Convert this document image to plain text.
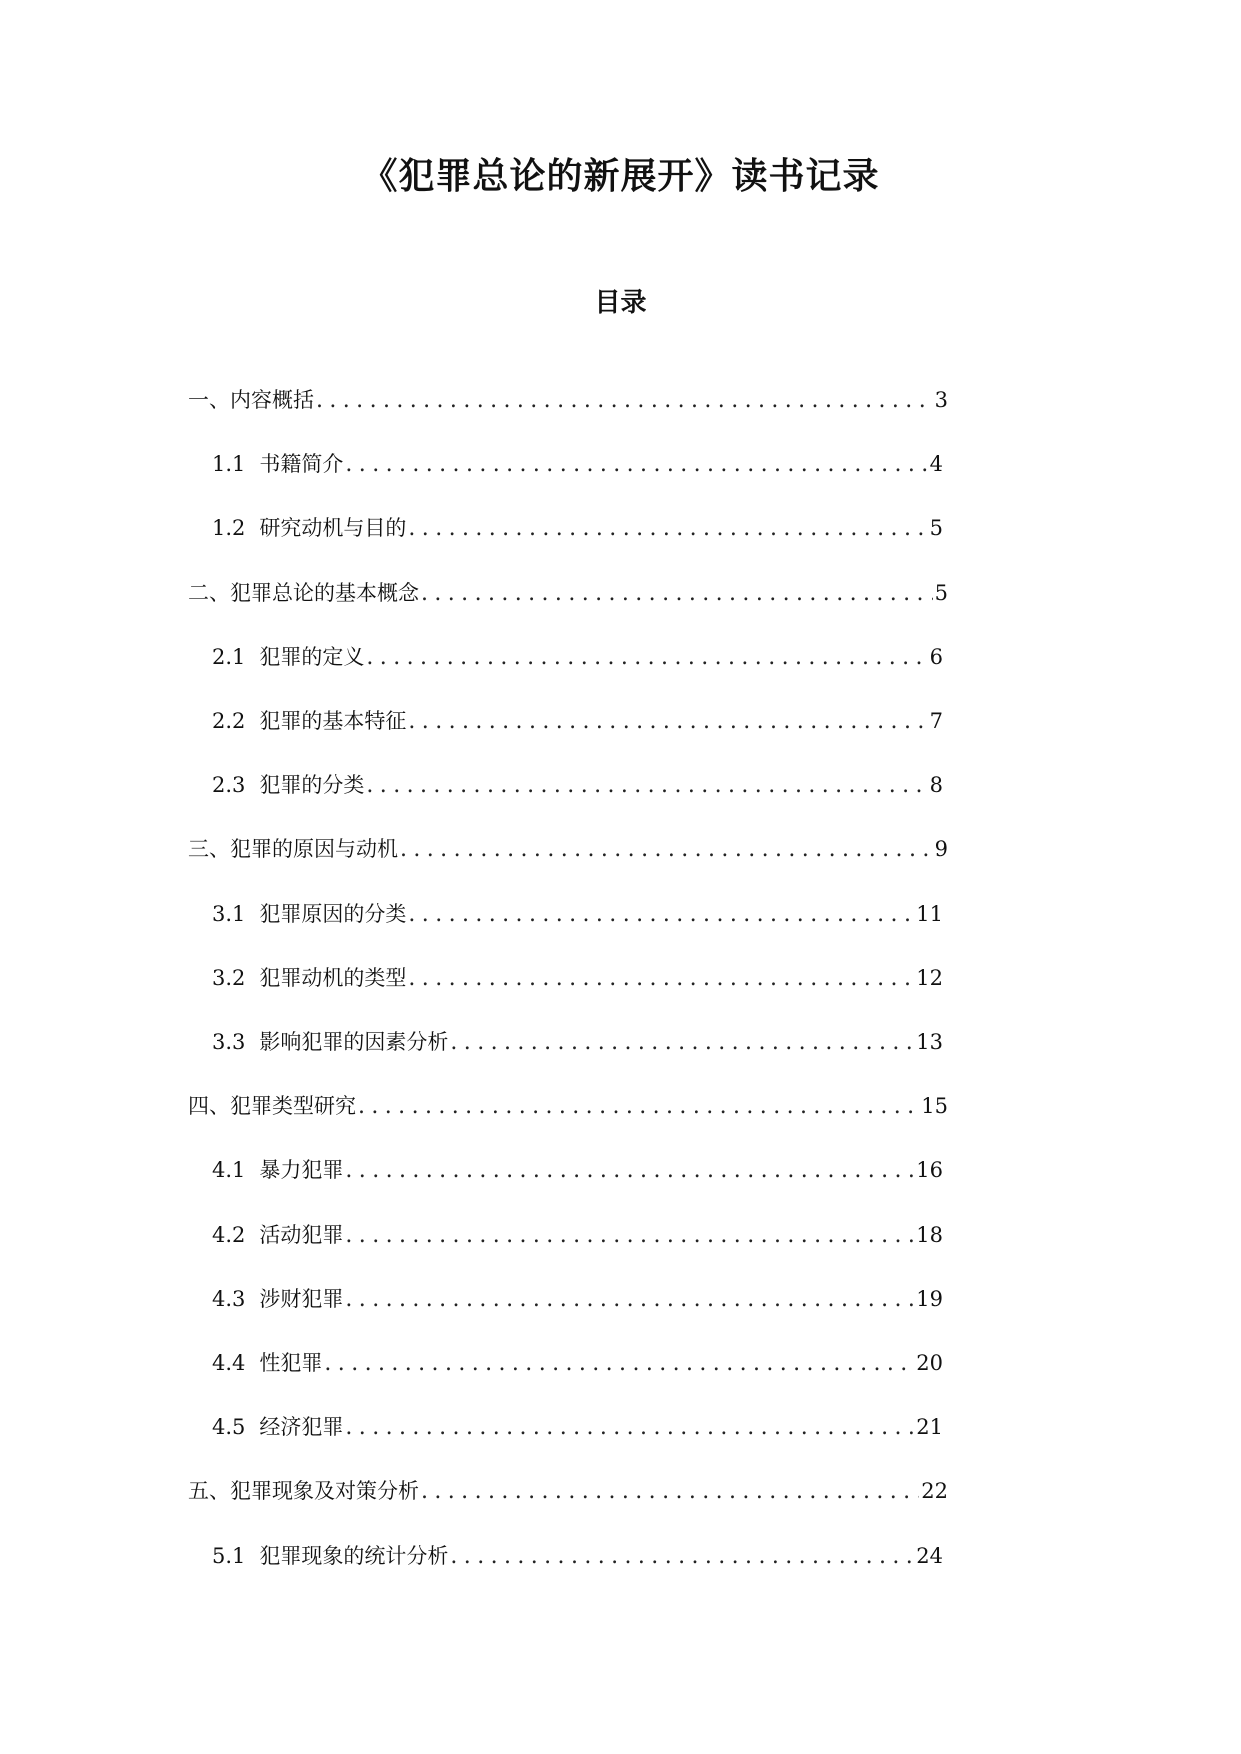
《犯罪总论的新展开》读书记录
目录
一、内容概括 .....	3
1.1 书籍简介 .....	4
1.2 研究动机与目的 .....	5
二、犯罪总论的基本概念 .....	5
2.1 犯罪的定义 .....	6
2.2 犯罪的基本特征 .....	7
2.3 犯罪的分类 .....	8
三、犯罪的原因与动机 .....	9
3.1 犯罪原因的分类 .....	11
3.2 犯罪动机的类型 .....	12
3.3 影响犯罪的因素分析 .....	13
四、犯罪类型研究 .....	15
4.1 暴力犯罪 .....	16
4.2 活动犯罪 .....	18
4.3 涉财犯罪 .....	19
4.4 性犯罪 .....	20
4.5 经济犯罪 .....	21
五、犯罪现象及对策分析 .....	22
5.1 犯罪现象的统计分析 .....	24
